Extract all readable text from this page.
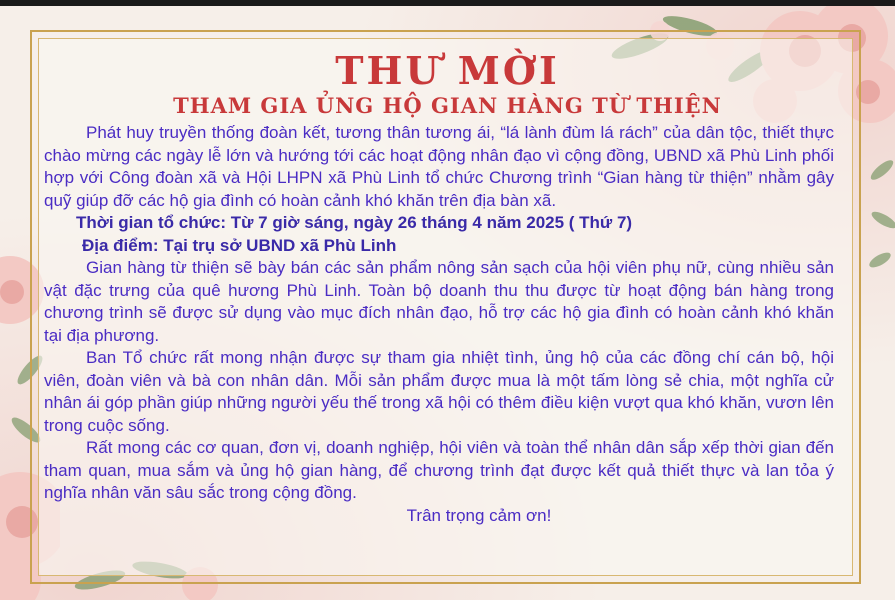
THƯ MỜI
THAM GIA ỦNG HỘ GIAN HÀNG TỪ THIỆN

Phát huy truyền thống đoàn kết, tương thân tương ái, “lá lành đùm lá rách” của dân tộc, thiết thực chào mừng các ngày lễ lớn và hướng tới các hoạt động nhân đạo vì cộng đồng, UBND xã Phù Linh phối hợp với Công đoàn xã và Hội LHPN xã Phù Linh tổ chức Chương trình “Gian hàng từ thiện” nhằm gây quỹ giúp đỡ các hộ gia đình có hoàn cảnh khó khăn trên địa bàn xã.

Thời gian tổ chức: Từ 7 giờ sáng, ngày 26 tháng 4 năm 2025 ( Thứ 7)

Địa điểm: Tại trụ sở UBND xã Phù Linh

Gian hàng từ thiện sẽ bày bán các sản phẩm nông sản sạch của hội viên phụ nữ, cùng nhiều sản vật đặc trưng của quê hương Phù Linh. Toàn bộ doanh thu thu được từ hoạt động bán hàng trong chương trình sẽ được sử dụng vào mục đích nhân đạo, hỗ trợ các hộ gia đình có hoàn cảnh khó khăn tại địa phương.

Ban Tổ chức rất mong nhận được sự tham gia nhiệt tình, ủng hộ của các đồng chí cán bộ, hội viên, đoàn viên và bà con nhân dân. Mỗi sản phẩm được mua là một tấm lòng sẻ chia, một nghĩa cử nhân ái góp phần giúp những người yếu thế trong xã hội có thêm điều kiện vượt qua khó khăn, vươn lên trong cuộc sống.

Rất mong các cơ quan, đơn vị, doanh nghiệp, hội viên và toàn thể nhân dân sắp xếp thời gian đến tham quan, mua sắm và ủng hộ gian hàng, để chương trình đạt được kết quả thiết thực và lan tỏa ý nghĩa nhân văn sâu sắc trong cộng đồng.

Trân trọng cảm ơn!
